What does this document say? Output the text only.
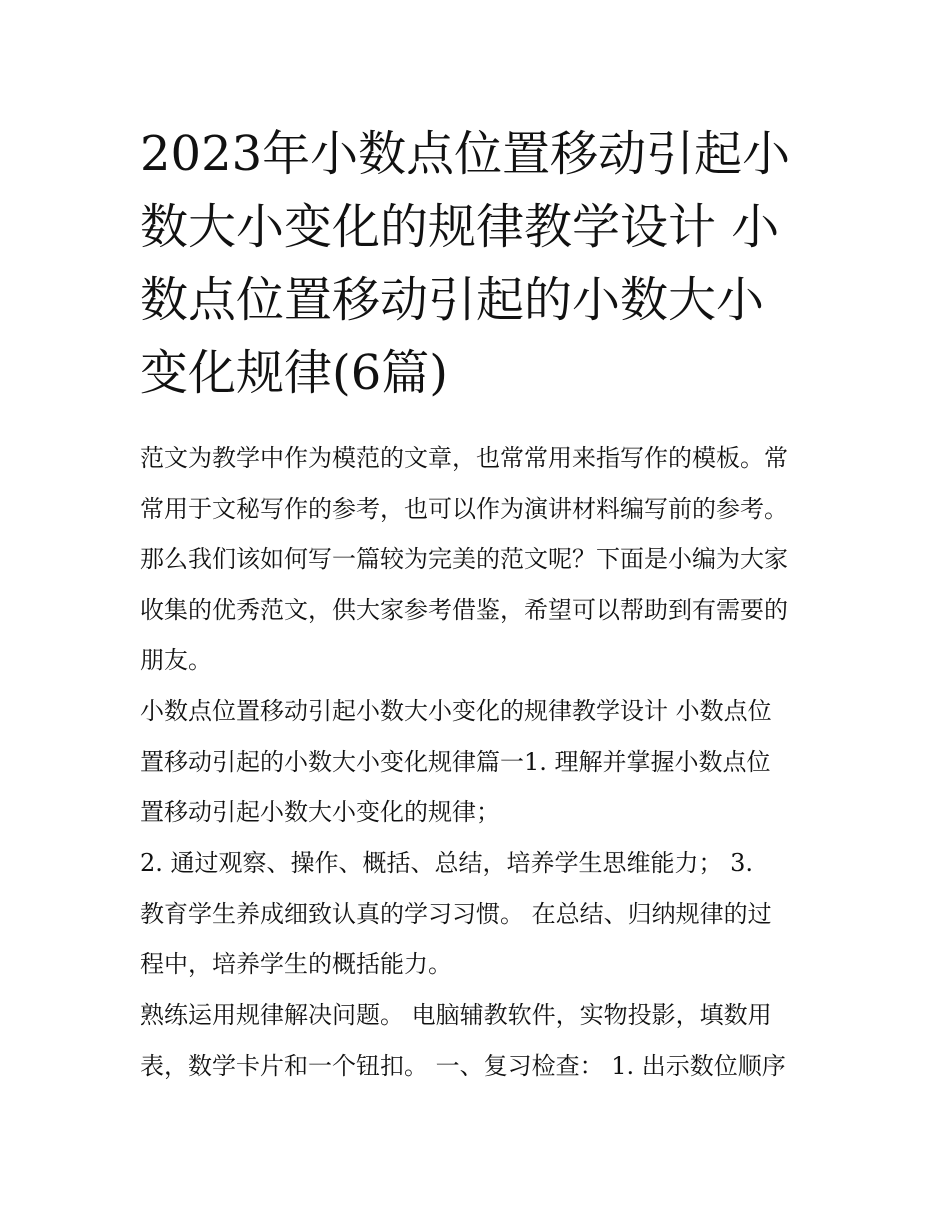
2023年小数点位置移动引起小
数大小变化的规律教学设计 小
数点位置移动引起的小数大小
变化规律(6篇)
范文为教学中作为模范的文章，也常常用来指写作的模板。常
常用于文秘写作的参考，也可以作为演讲材料编写前的参考。
那么我们该如何写一篇较为完美的范文呢？下面是小编为大家
收集的优秀范文，供大家参考借鉴，希望可以帮助到有需要的
朋友。
小数点位置移动引起小数大小变化的规律教学设计 小数点位
置移动引起的小数大小变化规律篇一1. 理解并掌握小数点位
置移动引起小数大小变化的规律；
2. 通过观察、操作、概括、总结，培养学生思维能力； 3.
教育学生养成细致认真的学习习惯。 在总结、归纳规律的过
程中，培养学生的概括能力。
熟练运用规律解决问题。 电脑辅教软件，实物投影，填数用
表，数学卡片和一个钮扣。 一、复习检查： 1. 出示数位顺序
